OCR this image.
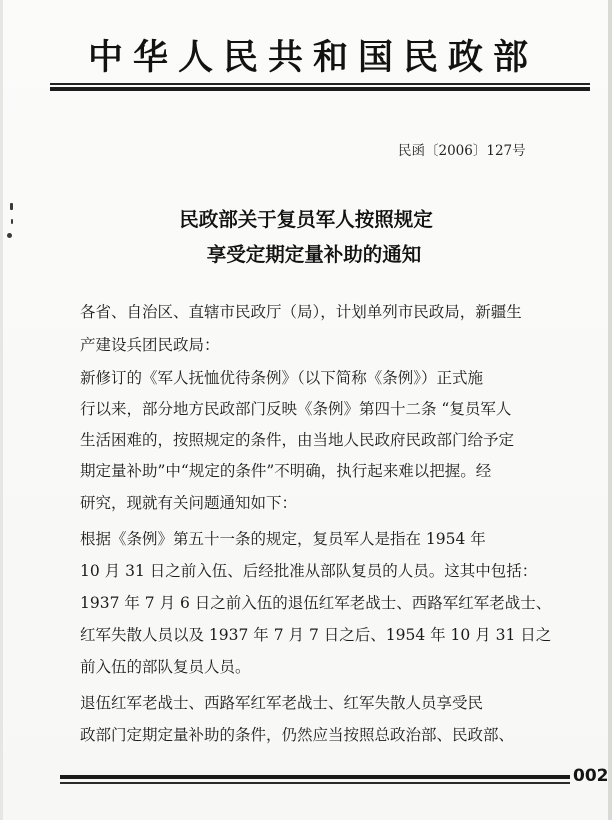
中华人民共和国民政部
民函〔2006〕127号
民政部关于复员军人按照规定
享受定期定量补助的通知
各省、自治区、直辖市民政厅（局），计划单列市民政局，新疆生
产建设兵团民政局：
新修订的《军人抚恤优待条例》（以下简称《条例》）正式施
行以来，部分地方民政部门反映《条例》第四十二条 “复员军人
生活困难的，按照规定的条件，由当地人民政府民政部门给予定
期定量补助”中“规定的条件”不明确，执行起来难以把握。经
研究，现就有关问题通知如下：
根据《条例》第五十一条的规定，复员军人是指在 1954 年
10 月 31 日之前入伍、后经批准从部队复员的人员。这其中包括：
1937 年 7 月 6 日之前入伍的退伍红军老战士、西路军红军老战士、
红军失散人员以及 1937 年 7 月 7 日之后、1954 年 10 月 31 日之
前入伍的部队复员人员。
退伍红军老战士、西路军红军老战士、红军失散人员享受民
政部门定期定量补助的条件，仍然应当按照总政治部、民政部、
002
